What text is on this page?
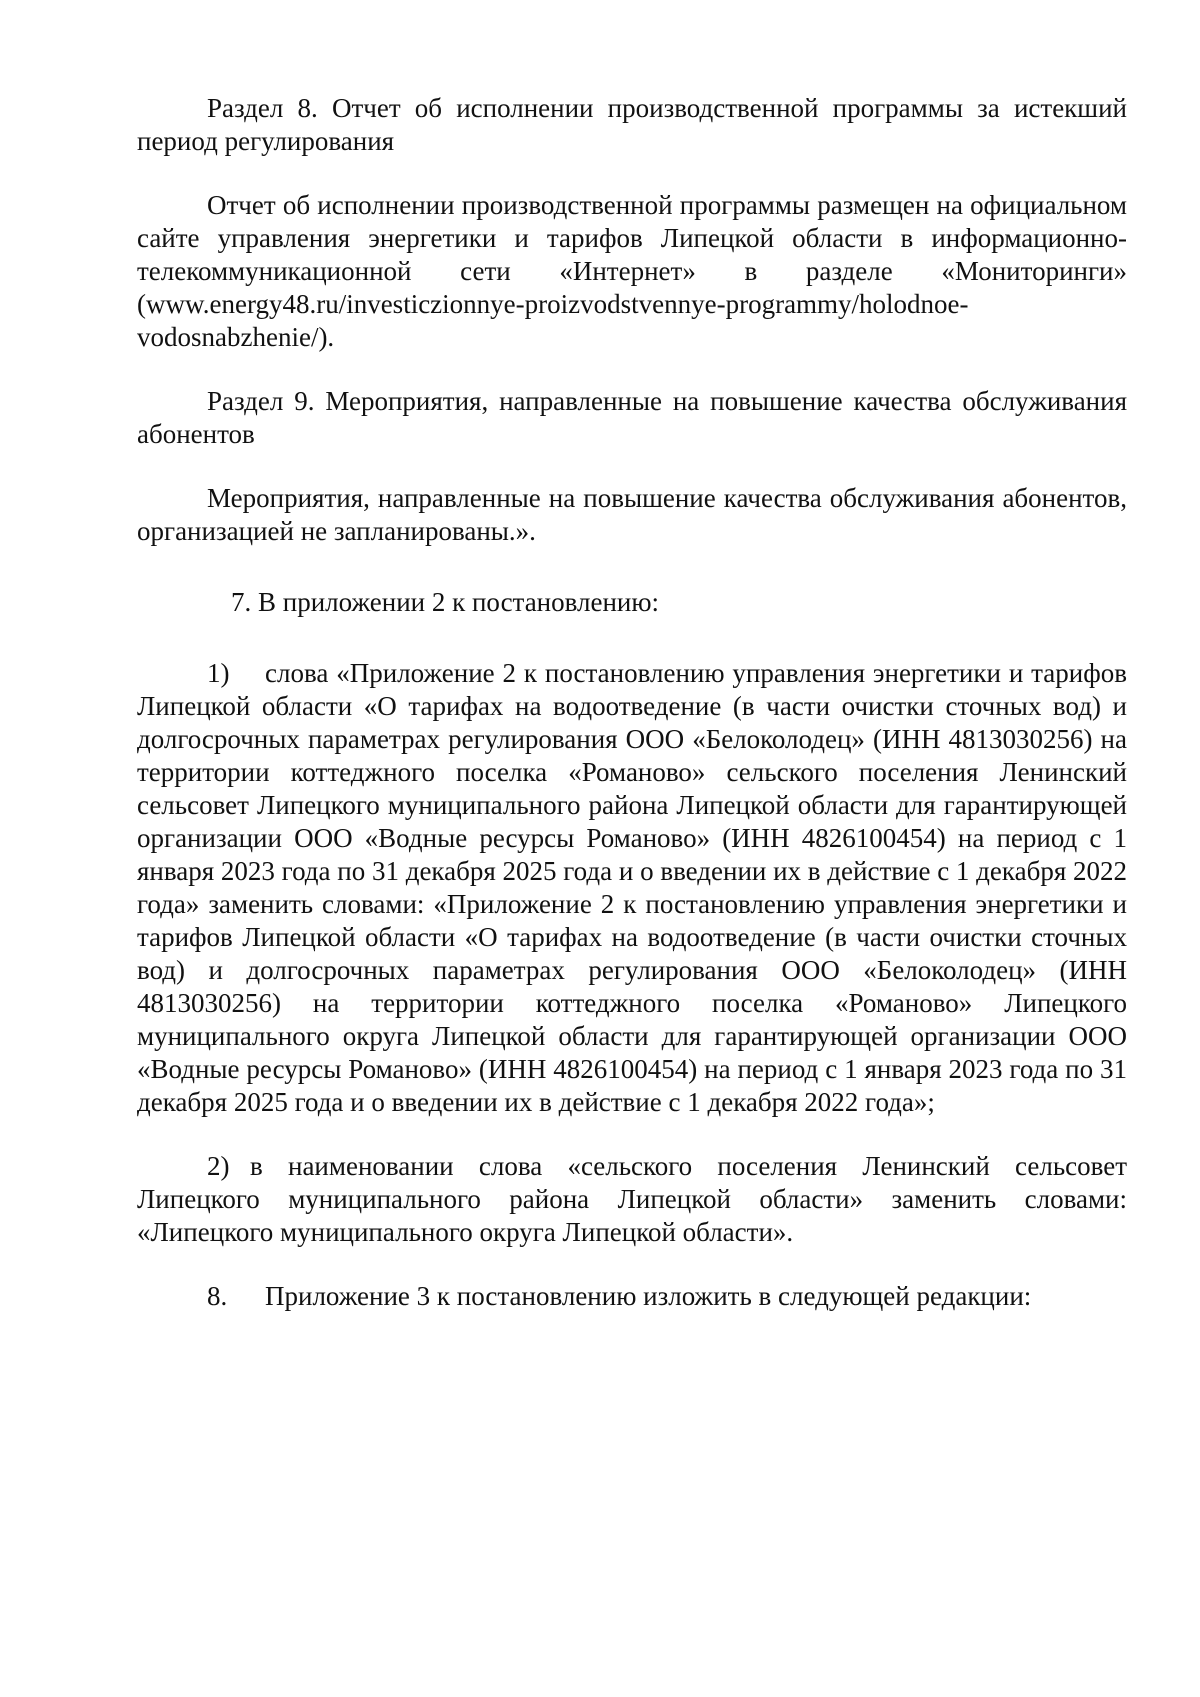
Раздел 8. Отчет об исполнении производственной программы за истекший период регулирования

Отчет об исполнении производственной программы размещен на официальном сайте управления энергетики и тарифов Липецкой области в информационно-телекоммуникационной сети «Интернет» в разделе «Мониторинги» (www.energy48.ru/investiczionnye-proizvodstvennye-programmy/holodnoe-vodosnabzhenie/).

Раздел 9. Мероприятия, направленные на повышение качества обслуживания абонентов

Мероприятия, направленные на повышение качества обслуживания абонентов, организацией не запланированы.».

7. В приложении 2 к постановлению:

1) слова «Приложение 2 к постановлению управления энергетики и тарифов Липецкой области «О тарифах на водоотведение (в части очистки сточных вод) и долгосрочных параметрах регулирования ООО «Белоколодец» (ИНН 4813030256) на территории коттеджного поселка «Романово» сельского поселения Ленинский сельсовет Липецкого муниципального района Липецкой области для гарантирующей организации ООО «Водные ресурсы Романово» (ИНН 4826100454) на период с 1 января 2023 года по 31 декабря 2025 года и о введении их в действие с 1 декабря 2022 года» заменить словами: «Приложение 2 к постановлению управления энергетики и тарифов Липецкой области «О тарифах на водоотведение (в части очистки сточных вод) и долгосрочных параметрах регулирования ООО «Белоколодец» (ИНН 4813030256) на территории коттеджного поселка «Романово» Липецкого муниципального округа Липецкой области для гарантирующей организации ООО «Водные ресурсы Романово» (ИНН 4826100454) на период с 1 января 2023 года по 31 декабря 2025 года и о введении их в действие с 1 декабря 2022 года»;

2) в наименовании слова «сельского поселения Ленинский сельсовет Липецкого муниципального района Липецкой области» заменить словами: «Липецкого муниципального округа Липецкой области».

8. Приложение 3 к постановлению изложить в следующей редакции:
